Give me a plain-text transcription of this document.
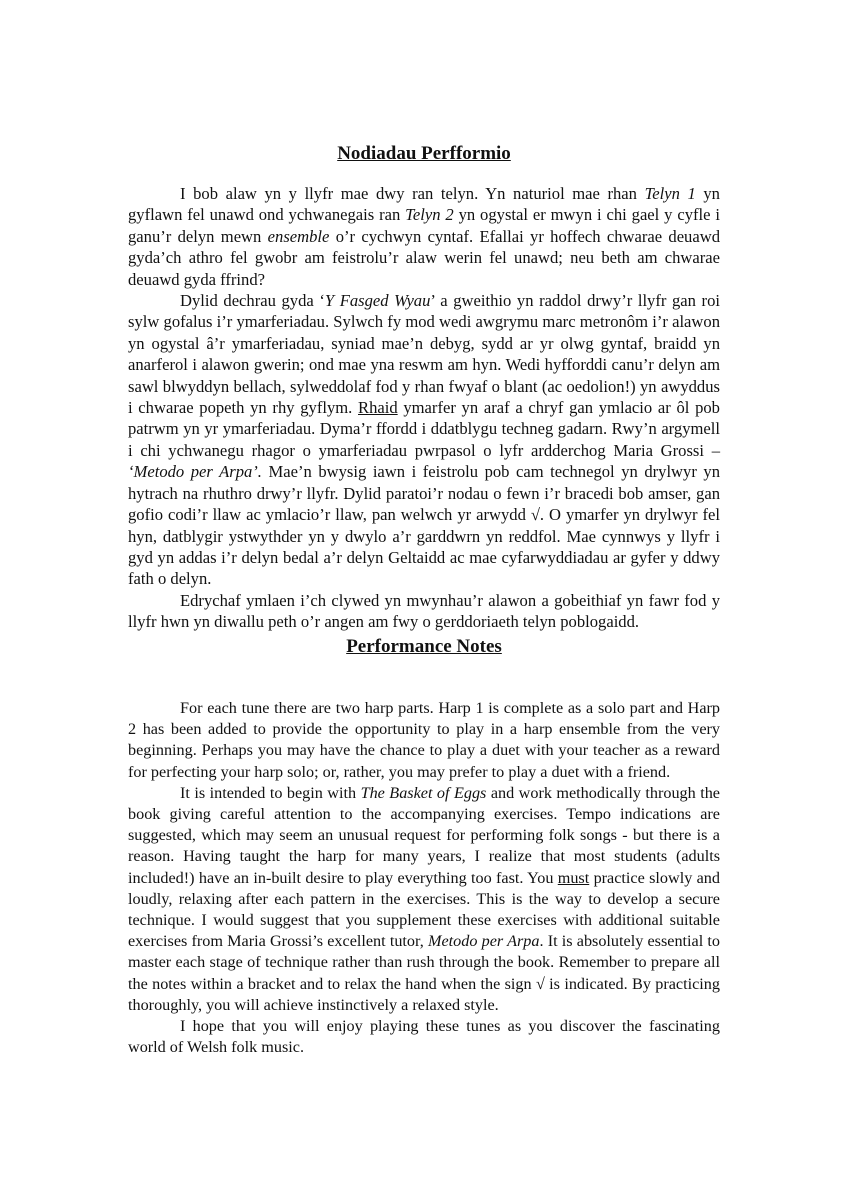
Nodiadau Perfformio

I bob alaw yn y llyfr mae dwy ran telyn. Yn naturiol mae rhan Telyn 1 yn gyflawn fel unawd ond ychwanegais ran Telyn 2 yn ogystal er mwyn i chi gael y cyfle i ganu’r delyn mewn ensemble o’r cychwyn cyntaf. Efallai yr hoffech chwarae deuawd gyda’ch athro fel gwobr am feistrolu’r alaw werin fel unawd; neu beth am chwarae deuawd gyda ffrind?

Dylid dechrau gyda ‘Y Fasged Wyau’ a gweithio yn raddol drwy’r llyfr gan roi sylw gofalus i’r ymarferiadau. Sylwch fy mod wedi awgrymu marc metronôm i’r alawon yn ogystal â’r ymarferiadau, syniad mae’n debyg, sydd ar yr olwg gyntaf, braidd yn anarferol i alawon gwerin; ond mae yna reswm am hyn. Wedi hyfforddi canu’r delyn am sawl blwyddyn bellach, sylweddolaf fod y rhan fwyaf o blant (ac oedolion!) yn awyddus i chwarae popeth yn rhy gyflym. Rhaid ymarfer yn araf a chryf gan ymlacio ar ôl pob patrwm yn yr ymarferiadau. Dyma’r ffordd i ddatblygu techneg gadarn. Rwy’n argymell i chi ychwanegu rhagor o ymarferiadau pwrpasol o lyfr ardderchog Maria Grossi – ‘Metodo per Arpa’. Mae’n bwysig iawn i feistrolu pob cam technegol yn drylwyr yn hytrach na rhuthro drwy’r llyfr. Dylid paratoi’r nodau o fewn i’r bracedi bob amser, gan gofio codi’r llaw ac ymlacio’r llaw, pan welwch yr arwydd √. O ymarfer yn drylwyr fel hyn, datblygir ystwythder yn y dwylo a’r garddwrn yn reddfol. Mae cynnwys y llyfr i gyd yn addas i’r delyn bedal a’r delyn Geltaidd ac mae cyfarwyddiadau ar gyfer y ddwy fath o delyn.

Edrychaf ymlaen i’ch clywed yn mwynhau’r alawon a gobeithiaf yn fawr fod y llyfr hwn yn diwallu peth o’r angen am fwy o gerddoriaeth telyn poblogaidd.

Performance Notes

For each tune there are two harp parts. Harp 1 is complete as a solo part and Harp 2 has been added to provide the opportunity to play in a harp ensemble from the very beginning. Perhaps you may have the chance to play a duet with your teacher as a reward for perfecting your harp solo; or, rather, you may prefer to play a duet with a friend.

It is intended to begin with The Basket of Eggs and work methodically through the book giving careful attention to the accompanying exercises. Tempo indications are suggested, which may seem an unusual request for performing folk songs - but there is a reason. Having taught the harp for many years, I realize that most students (adults included!) have an in-built desire to play everything too fast. You must practice slowly and loudly, relaxing after each pattern in the exercises. This is the way to develop a secure technique. I would suggest that you supplement these exercises with additional suitable exercises from Maria Grossi’s excellent tutor, Metodo per Arpa. It is absolutely essential to master each stage of technique rather than rush through the book. Remember to prepare all the notes within a bracket and to relax the hand when the sign √ is indicated. By practicing thoroughly, you will achieve instinctively a relaxed style.

I hope that you will enjoy playing these tunes as you discover the fascinating world of Welsh folk music.
